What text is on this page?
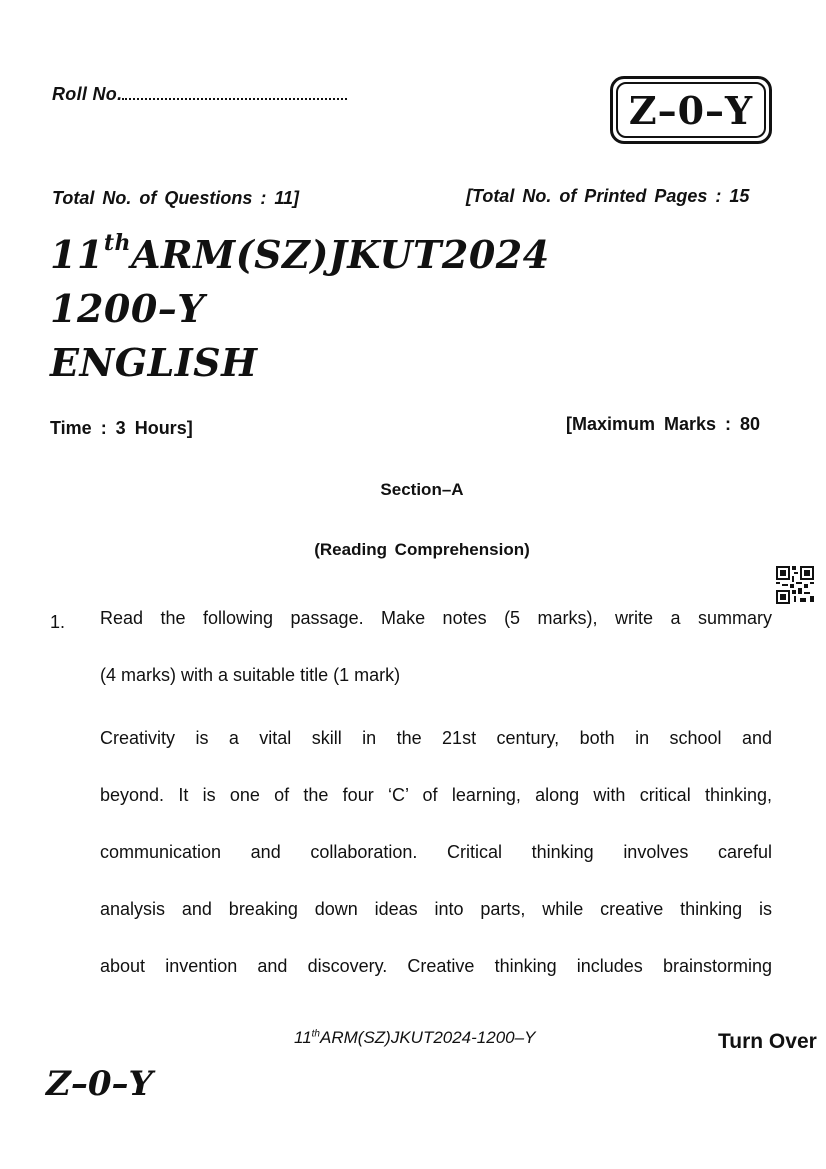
Roll No.	Z–0–Y
Total No. of Questions : 11]	[Total No. of Printed Pages : 15
11thARM(SZ)JKUT2024
1200–Y
ENGLISH
Time : 3 Hours]	[Maximum Marks : 80
Section–A
(Reading Comprehension)
1. Read the following passage. Make notes (5 marks), write a summary
(4 marks) with a suitable title (1 mark)
Creativity is a vital skill in the 21st century, both in school and
beyond. It is one of the four ‘C’ of learning, along with critical thinking,
communication and collaboration. Critical thinking involves careful
analysis and breaking down ideas into parts, while creative thinking is
about invention and discovery. Creative thinking includes brainstorming
11thARM(SZ)JKUT2024-1200–Y	Turn Over
Z–0–Y
